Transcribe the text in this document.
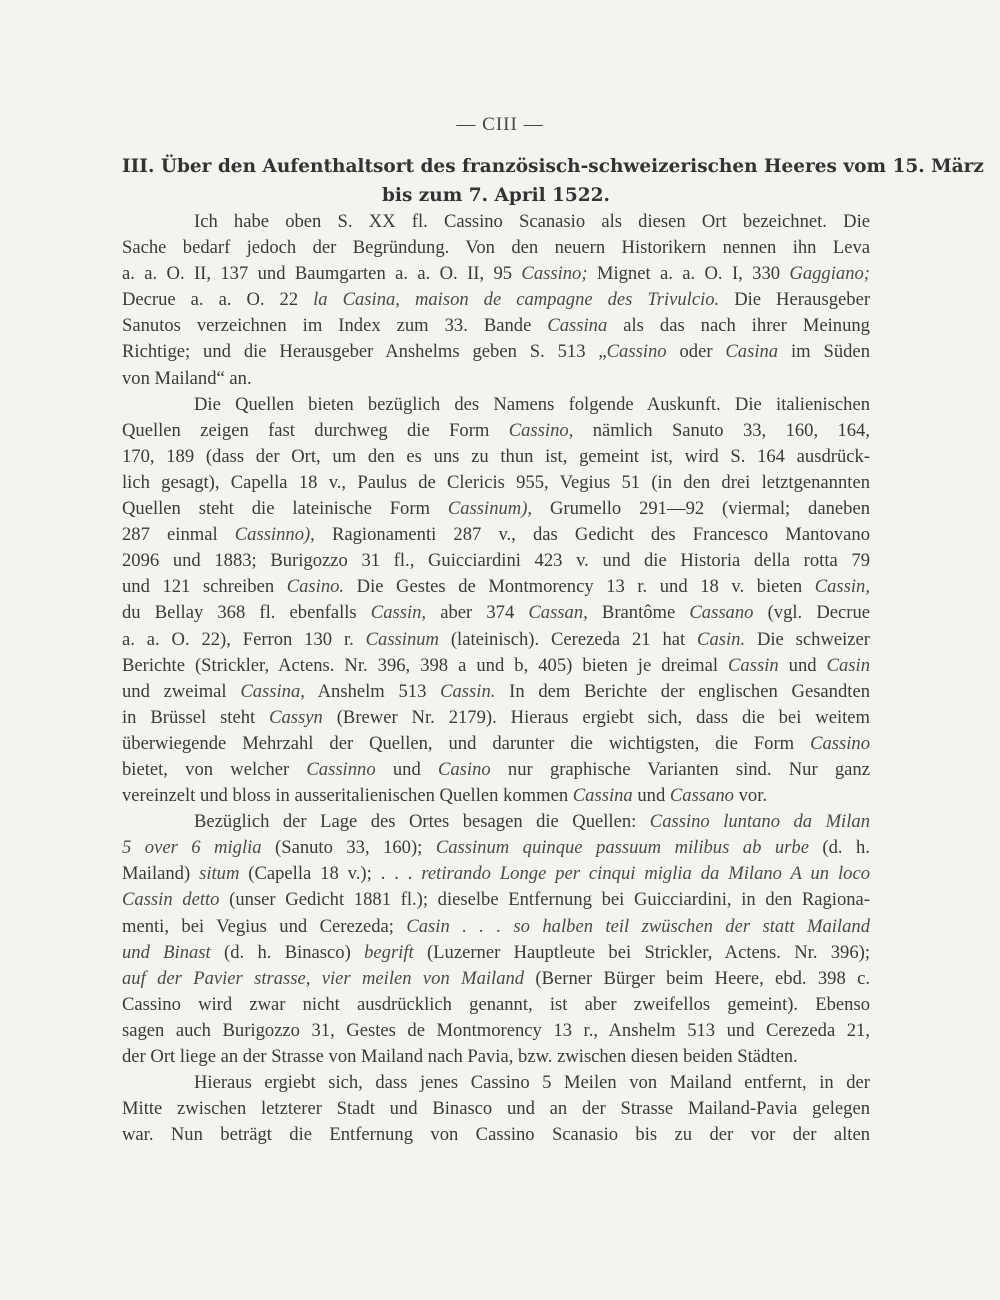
— CIII —
III. Über den Aufenthaltsort des französisch-schweizerischen Heeres vom 15. März
bis zum 7. April 1522.
Ich habe oben S. XX fl. Cassino Scanasio als diesen Ort bezeichnet. Die
Sache bedarf jedoch der Begründung. Von den neuern Historikern nennen ihn Leva
a. a. O. II, 137 und Baumgarten a. a. O. II, 95 Cassino; Mignet a. a. O. I, 330 Gaggiano;
Decrue a. a. O. 22 la Casina, maison de campagne des Trivulcio. Die Herausgeber
Sanutos verzeichnen im Index zum 33. Bande Cassina als das nach ihrer Meinung
Richtige; und die Herausgeber Anshelms geben S. 513 „Cassino oder Casina im Süden
von Mailand“ an.
Die Quellen bieten bezüglich des Namens folgende Auskunft. Die italienischen
Quellen zeigen fast durchweg die Form Cassino, nämlich Sanuto 33, 160, 164,
170, 189 (dass der Ort, um den es uns zu thun ist, gemeint ist, wird S. 164 ausdrück-
lich gesagt), Capella 18 v., Paulus de Clericis 955, Vegius 51 (in den drei letztgenannten
Quellen steht die lateinische Form Cassinum), Grumello 291—92 (viermal; daneben
287 einmal Cassinno), Ragionamenti 287 v., das Gedicht des Francesco Mantovano
2096 und 1883; Burigozzo 31 fl., Guicciardini 423 v. und die Historia della rotta 79
und 121 schreiben Casino. Die Gestes de Montmorency 13 r. und 18 v. bieten Cassin,
du Bellay 368 fl. ebenfalls Cassin, aber 374 Cassan, Brantôme Cassano (vgl. Decrue
a. a. O. 22), Ferron 130 r. Cassinum (lateinisch). Cerezeda 21 hat Casin. Die schweizer
Berichte (Strickler, Actens. Nr. 396, 398 a und b, 405) bieten je dreimal Cassin und Casin
und zweimal Cassina, Anshelm 513 Cassin. In dem Berichte der englischen Gesandten
in Brüssel steht Cassyn (Brewer Nr. 2179). Hieraus ergiebt sich, dass die bei weitem
überwiegende Mehrzahl der Quellen, und darunter die wichtigsten, die Form Cassino
bietet, von welcher Cassinno und Casino nur graphische Varianten sind. Nur ganz
vereinzelt und bloss in ausseritalienischen Quellen kommen Cassina und Cassano vor.
Bezüglich der Lage des Ortes besagen die Quellen: Cassino luntano da Milan
5 over 6 miglia (Sanuto 33, 160); Cassinum quinque passuum milibus ab urbe (d. h.
Mailand) situm (Capella 18 v.); . . . retirando Longe per cinqui miglia da Milano A un loco
Cassin detto (unser Gedicht 1881 fl.); dieselbe Entfernung bei Guicciardini, in den Ragiona-
menti, bei Vegius und Cerezeda; Casin . . . so halben teil zwüschen der statt Mailand
und Binast (d. h. Binasco) begrift (Luzerner Hauptleute bei Strickler, Actens. Nr. 396);
auf der Pavier strasse, vier meilen von Mailand (Berner Bürger beim Heere, ebd. 398 c.
Cassino wird zwar nicht ausdrücklich genannt, ist aber zweifellos gemeint). Ebenso
sagen auch Burigozzo 31, Gestes de Montmorency 13 r., Anshelm 513 und Cerezeda 21,
der Ort liege an der Strasse von Mailand nach Pavia, bzw. zwischen diesen beiden Städten.
Hieraus ergiebt sich, dass jenes Cassino 5 Meilen von Mailand entfernt, in der
Mitte zwischen letzterer Stadt und Binasco und an der Strasse Mailand-Pavia gelegen
war. Nun beträgt die Entfernung von Cassino Scanasio bis zu der vor der alten
